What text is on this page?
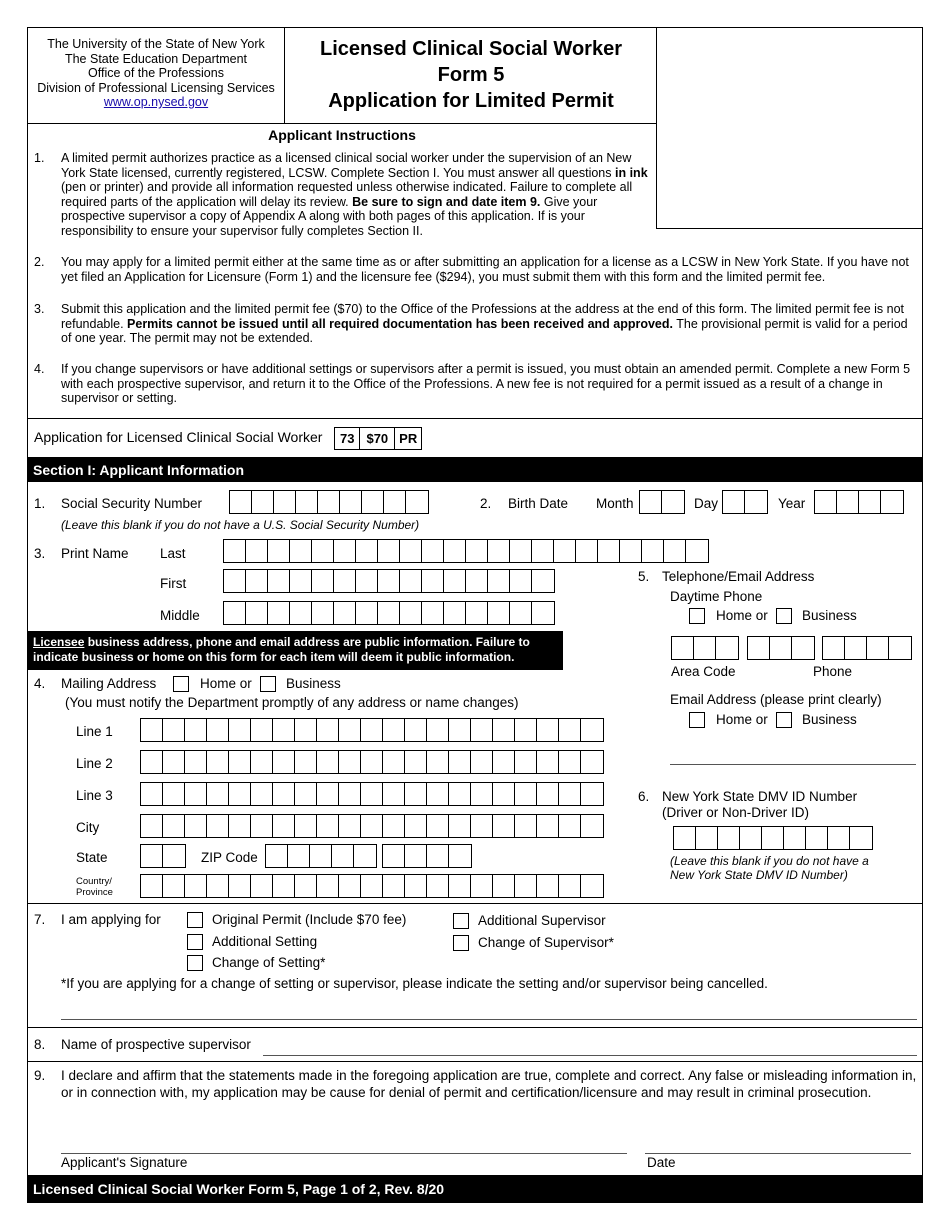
The University of the State of New York
The State Education Department
Office of the Professions
Division of Professional Licensing Services
www.op.nysed.gov
Licensed Clinical Social Worker
Form 5
Application for Limited Permit
Applicant Instructions
1. A limited permit authorizes practice as a licensed clinical social worker under the supervision of an New York State licensed, currently registered, LCSW. Complete Section I. You must answer all questions in ink (pen or printer) and provide all information requested unless otherwise indicated. Failure to complete all required parts of the application will delay its review. Be sure to sign and date item 9. Give your prospective supervisor a copy of Appendix A along with both pages of this application. If is your responsibility to ensure your supervisor fully completes Section II.
2. You may apply for a limited permit either at the same time as or after submitting an application for a license as a LCSW in New York State. If you have not yet filed an Application for Licensure (Form 1) and the licensure fee ($294), you must submit them with this form and the limited permit fee.
3. Submit this application and the limited permit fee ($70) to the Office of the Professions at the address at the end of this form. The limited permit fee is not refundable. Permits cannot be issued until all required documentation has been received and approved. The provisional permit is valid for a period of one year. The permit may not be extended.
4. If you change supervisors or have additional settings or supervisors after a permit is issued, you must obtain an amended permit. Complete a new Form 5 with each prospective supervisor, and return it to the Office of the Professions. A new fee is not required for a permit issued as a result of a change in supervisor or setting.
Application for Licensed Clinical Social Worker	73 $70 PR
Section I: Applicant Information
1. Social Security Number
(Leave this blank if you do not have a U.S. Social Security Number)
2. Birth Date Month	Day	Year
3. Print Name Last
First
Middle
Licensee business address, phone and email address are public information. Failure to indicate business or home on this form for each item will deem it public information.
5. Telephone/Email Address
Daytime Phone
Home or	Business
Area Code	Phone
Email Address (please print clearly)
Home or	Business
4. Mailing Address	Home or	Business
(You must notify the Department promptly of any address or name changes)
Line 1
Line 2
Line 3
City
State	ZIP Code
Country/ Province
6. New York State DMV ID Number
(Driver or Non-Driver ID)
(Leave this blank if you do not have a New York State DMV ID Number)
7. I am applying for	Original Permit (Include $70 fee)
Additional Setting
Change of Setting*
Additional Supervisor
Change of Supervisor*
*If you are applying for a change of setting or supervisor, please indicate the setting and/or supervisor being cancelled.
8. Name of prospective supervisor
9. I declare and affirm that the statements made in the foregoing application are true, complete and correct. Any false or misleading information in, or in connection with, my application may be cause for denial of permit and certification/licensure and may result in criminal prosecution.
Applicant's Signature	Date
Licensed Clinical Social Worker Form 5, Page 1 of 2, Rev. 8/20
